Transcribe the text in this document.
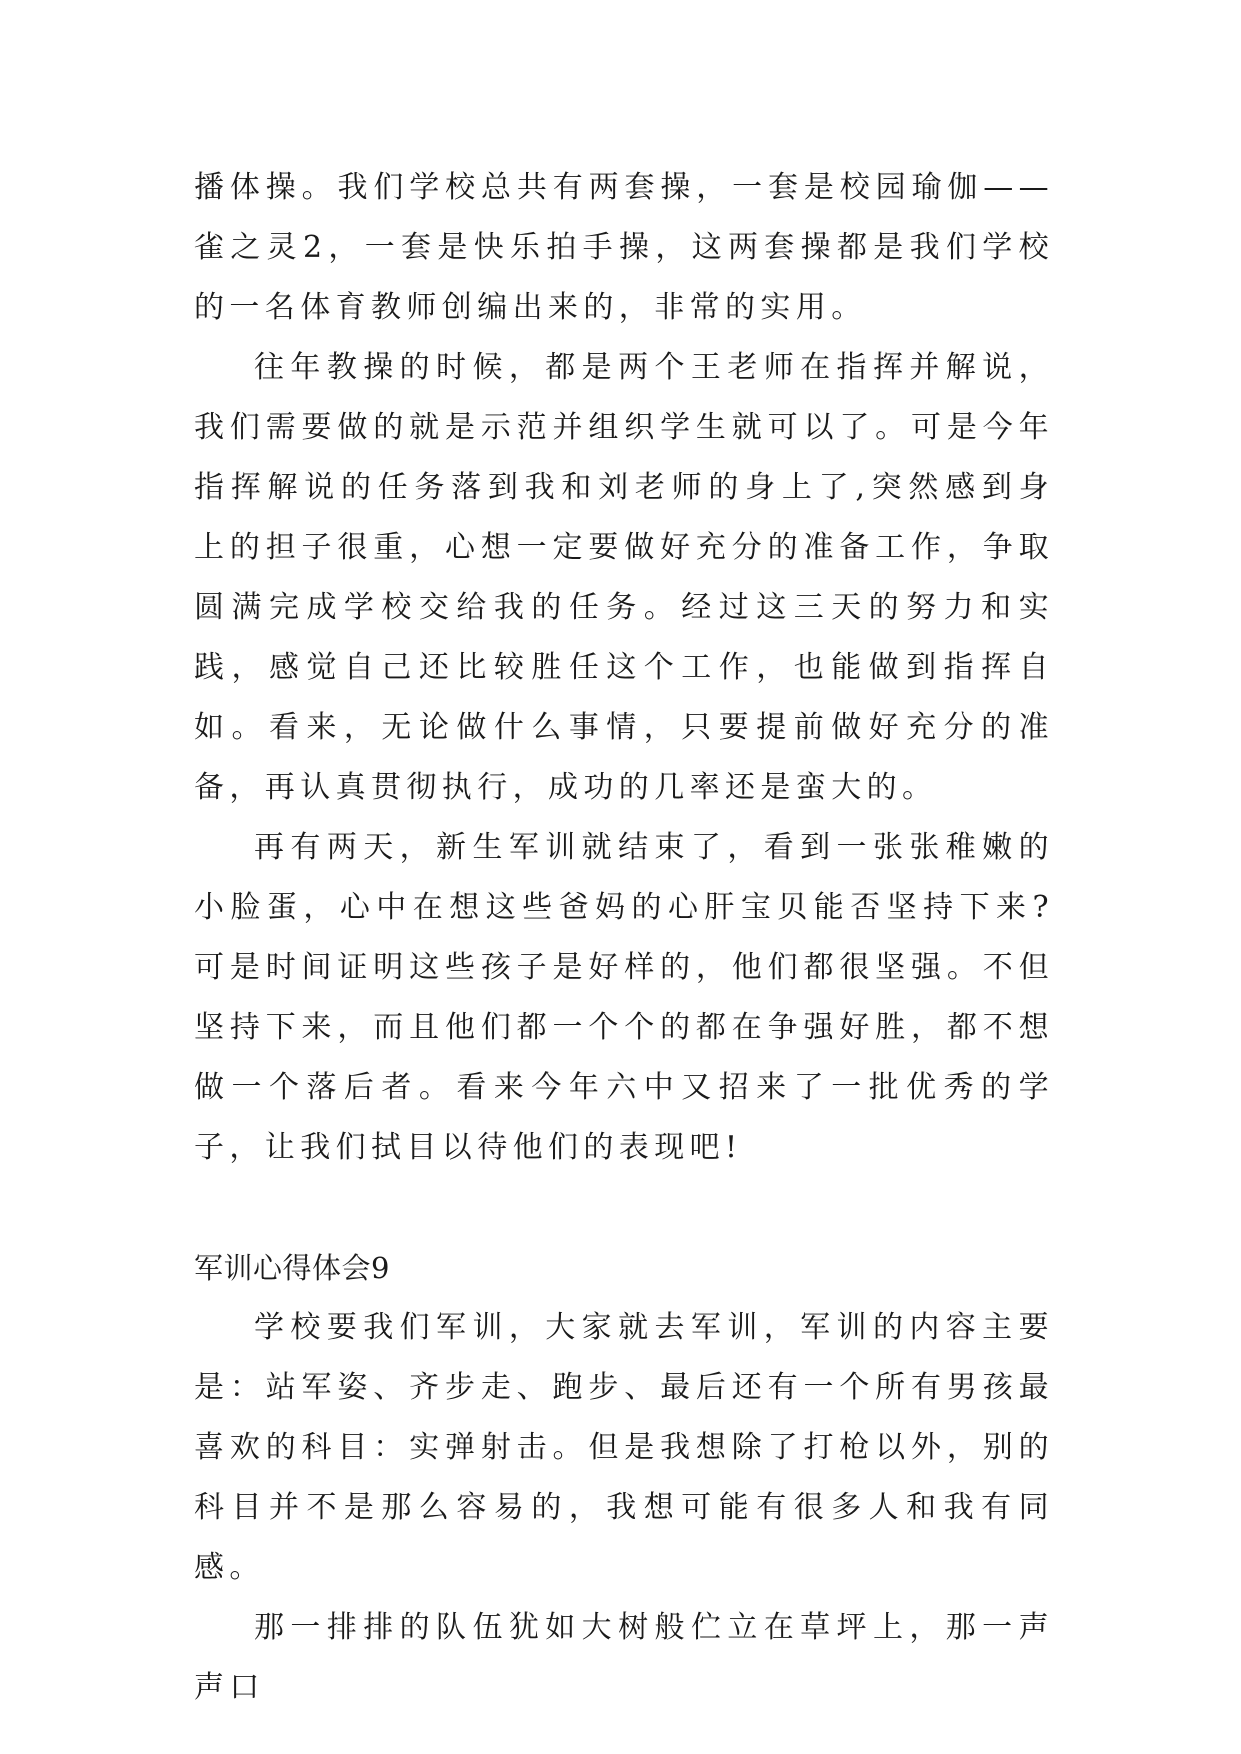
播体操。我们学校总共有两套操，一套是校园瑜伽——雀之灵2，一套是快乐拍手操，这两套操都是我们学校的一名体育教师创编出来的，非常的实用。

往年教操的时候，都是两个王老师在指挥并解说，我们需要做的就是示范并组织学生就可以了。可是今年指挥解说的任务落到我和刘老师的身上了,突然感到身上的担子很重，心想一定要做好充分的准备工作，争取圆满完成学校交给我的任务。经过这三天的努力和实践，感觉自己还比较胜任这个工作，也能做到指挥自如。看来，无论做什么事情，只要提前做好充分的准备，再认真贯彻执行，成功的几率还是蛮大的。

再有两天，新生军训就结束了，看到一张张稚嫩的小脸蛋，心中在想这些爸妈的心肝宝贝能否坚持下来?可是时间证明这些孩子是好样的，他们都很坚强。不但坚持下来，而且他们都一个个的都在争强好胜，都不想做一个落后者。看来今年六中又招来了一批优秀的学子，让我们拭目以待他们的表现吧!

军训心得体会9

学校要我们军训，大家就去军训，军训的内容主要是：站军姿、齐步走、跑步、最后还有一个所有男孩最喜欢的科目：实弹射击。但是我想除了打枪以外，别的科目并不是那么容易的，我想可能有很多人和我有同感。

那一排排的队伍犹如大树般伫立在草坪上，那一声声口
